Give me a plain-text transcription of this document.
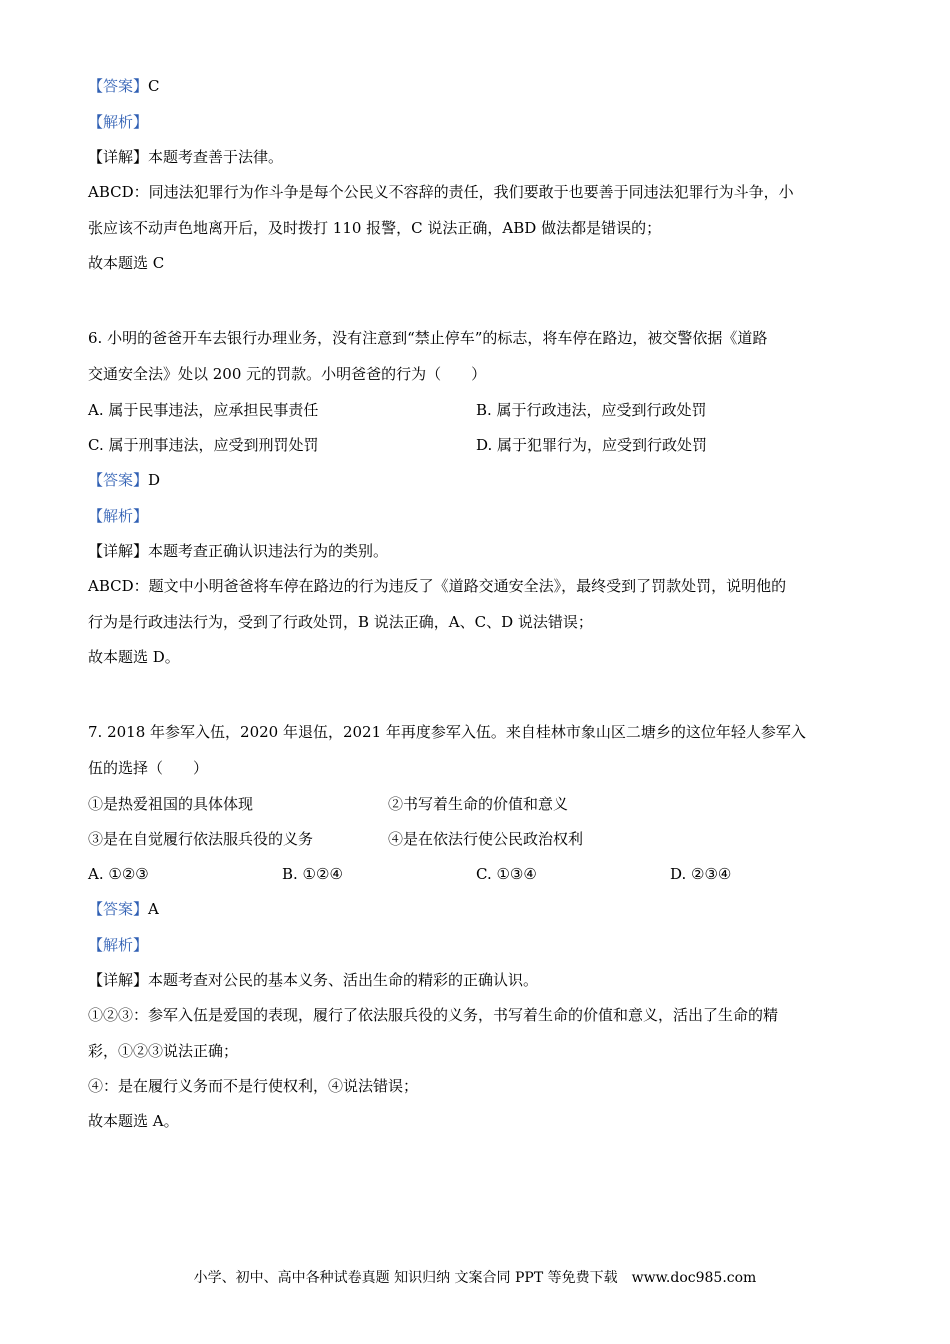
【答案】C
【解析】
【详解】本题考查善于法律。
ABCD：同违法犯罪行为作斗争是每个公民义不容辞的责任，我们要敢于也要善于同违法犯罪行为斗争，小
张应该不动声色地离开后，及时拨打 110 报警，C 说法正确，ABD 做法都是错误的；
故本题选 C
6. 小明的爸爸开车去银行办理业务，没有注意到“禁止停车”的标志，将车停在路边，被交警依据《道路
交通安全法》处以 200 元的罚款。小明爸爸的行为（　　）
A. 属于民事违法，应承担民事责任	B. 属于行政违法，应受到行政处罚
C. 属于刑事违法，应受到刑罚处罚	D. 属于犯罪行为，应受到行政处罚
【答案】D
【解析】
【详解】本题考查正确认识违法行为的类别。
ABCD：题文中小明爸爸将车停在路边的行为违反了《道路交通安全法》，最终受到了罚款处罚，说明他的
行为是行政违法行为，受到了行政处罚，B 说法正确，A、C、D 说法错误；
故本题选 D。
7. 2018 年参军入伍，2020 年退伍，2021 年再度参军入伍。来自桂林市象山区二塘乡的这位年轻人参军入
伍的选择（　　）
①是热爱祖国的具体体现	②书写着生命的价值和意义
③是在自觉履行依法服兵役的义务	④是在依法行使公民政治权利
A. ①②③	B. ①②④	C. ①③④	D. ②③④
【答案】A
【解析】
【详解】本题考查对公民的基本义务、活出生命的精彩的正确认识。
①②③：参军入伍是爱国的表现，履行了依法服兵役的义务，书写着生命的价值和意义，活出了生命的精
彩，①②③说法正确；
④：是在履行义务而不是行使权利，④说法错误；
故本题选 A。
小学、初中、高中各种试卷真题 知识归纳 文案合同 PPT 等免费下载　www.doc985.com
